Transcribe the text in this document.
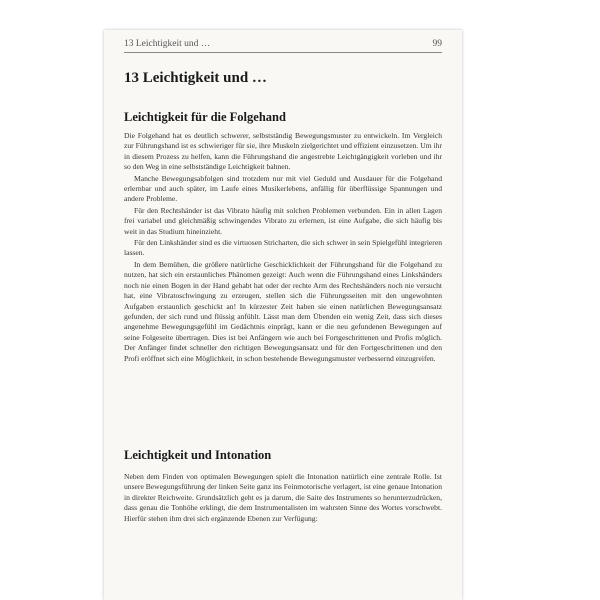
13 Leichtigkeit und …	99
13 Leichtigkeit und …
Leichtigkeit für die Folgehand

Die Folgehand hat es deutlich schwerer, selbstständig Bewegungsmuster zu entwickeln. Im Vergleich zur Führungshand ist es schwieriger für sie, ihre Muskeln zielgerichtet und effizient einzusetzen. Um ihr in diesem Prozess zu helfen, kann die Führungshand die angestrebte Leichtgängigkeit vorleben und ihr so den Weg in eine selbstständige Leichtigkeit bahnen.

Manche Bewegungsabfolgen sind trotzdem nur mit viel Geduld und Ausdauer für die Folgehand erlernbar und auch später, im Laufe eines Musikerlebens, anfällig für überflüssige Spannungen und andere Probleme.

Für den Rechtshänder ist das Vibrato häufig mit solchen Problemen verbunden. Ein in allen Lagen frei variabel und gleichmäßig schwingendes Vibrato zu erlernen, ist eine Aufgabe, die sich häufig bis weit in das Studium hineinzieht.

Für den Linkshänder sind es die virtuosen Stricharten, die sich schwer in sein Spielgefühl integrieren lassen.

In dem Bemühen, die größere natürliche Geschicklichkeit der Führungshand für die Folgehand zu nutzen, hat sich ein erstaunliches Phänomen gezeigt: Auch wenn die Führungshand eines Linkshänders noch nie einen Bogen in der Hand gehabt hat oder der rechte Arm des Rechtshänders noch nie versucht hat, eine Vibratoschwingung zu erzeugen, stellen sich die Führungsseiten mit den ungewohnten Aufgaben erstaunlich geschickt an! In kürzester Zeit haben sie einen natürlichen Bewegungsansatz gefunden, der sich rund und flüssig anfühlt. Lässt man dem Übenden ein wenig Zeit, dass sich dieses angenehme Bewegungsgefühl im Gedächtnis einprägt, kann er die neu gefundenen Bewegungen auf seine Folgeseite übertragen. Dies ist bei Anfängern wie auch bei Fortgeschrittenen und Profis möglich. Der Anfänger findet schneller den richtigen Bewegungsansatz und für den Fortgeschrittenen und den Profi eröffnet sich eine Möglichkeit, in schon bestehende Bewegungsmuster verbessernd einzugreifen.

Leichtigkeit und Intonation

Neben dem Finden von optimalen Bewegungen spielt die Intonation natürlich eine zentrale Rolle. Ist unsere Bewegungsführung der linken Seite ganz ins Feinmotorische verlagert, ist eine genaue Intonation in direkter Reichweite. Grundsätzlich geht es ja darum, die Saite des Instruments so herunterzudrücken, dass genau die Tonhöhe erklingt, die dem Instrumentalisten im wahrsten Sinne des Wortes vorschwebt. Hierfür stehen ihm drei sich ergänzende Ebenen zur Verfügung:
